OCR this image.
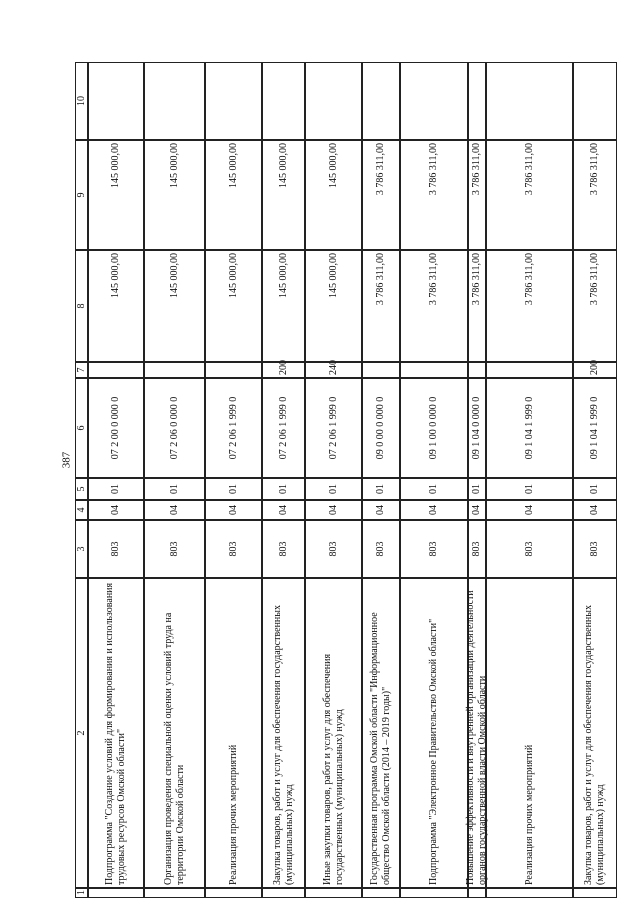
387
1
2
3
4
5
6
7
8
9
10
Подпрограмма "Создание условий для формирования и использования трудовых ресурсов Омской области"
803
04
01
07 2 00 0 000 0
145 000,00
145 000,00
Организация проведения специальной оценки условий труда на территории Омской области
803
04
01
07 2 06 0 000 0
145 000,00
145 000,00
Реализация прочих мероприятий
803
04
01
07 2 06 1 999 0
145 000,00
145 000,00
Закупка товаров, работ и услуг для обеспечения государственных (муниципальных) нужд
803
04
01
07 2 06 1 999 0
200
145 000,00
145 000,00
Иные закупки товаров, работ и услуг для обеспечения государственных (муниципальных) нужд
803
04
01
07 2 06 1 999 0
240
145 000,00
145 000,00
Государственная программа Омской области "Информационное общество Омской области (2014 – 2019 годы)"
803
04
01
09 0 00 0 000 0
3 786 311,00
3 786 311,00
Подпрограмма "Электронное Правительство Омской области"
803
04
01
09 1 00 0 000 0
3 786 311,00
3 786 311,00
Повышение эффективности и внутренней организации деятельности органов государственной власти Омской области
803
04
01
09 1 04 0 000 0
3 786 311,00
3 786 311,00
Реализация прочих мероприятий
803
04
01
09 1 04 1 999 0
3 786 311,00
3 786 311,00
Закупка товаров, работ и услуг для обеспечения государственных (муниципальных) нужд
803
04
01
09 1 04 1 999 0
200
3 786 311,00
3 786 311,00
